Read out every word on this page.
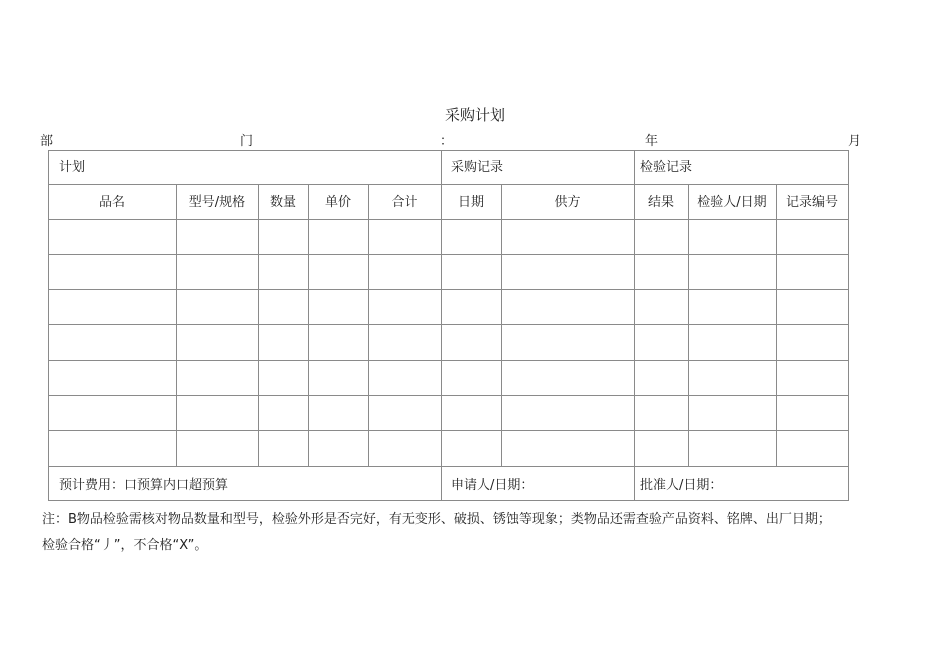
采购计划
部	门	：	年	月
计划	采购记录	检验记录
品名	型号/规格	数量	单价	合计	日期	供方	结果	检验人/日期	记录编号
预计费用：口预算内口超预算	申请人/日期：	批准人/日期：
注：B物品检验需核对物品数量和型号，检验外形是否完好，有无变形、破损、锈蚀等现象；类物品还需查验产品资料、铭牌、出厂日期；
检验合格“丿”，不合格“X”。
